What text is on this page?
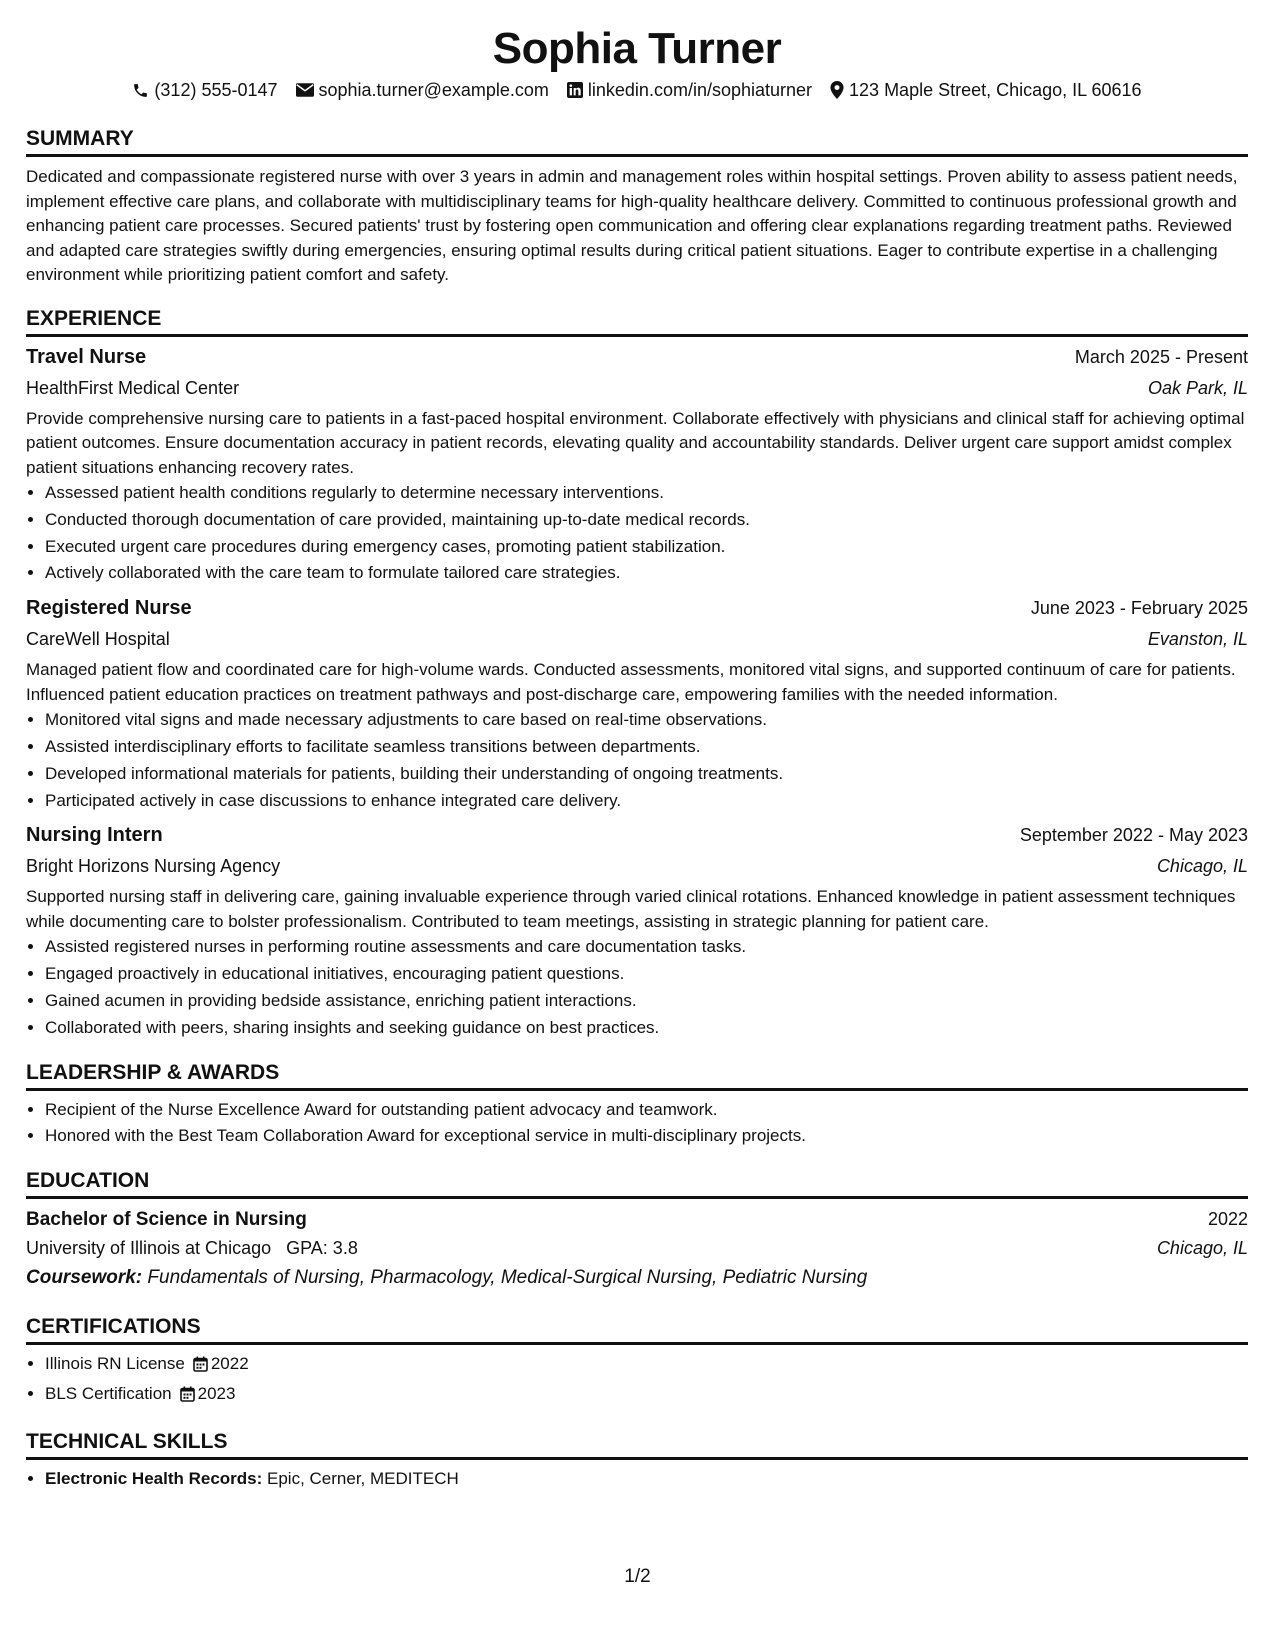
Sophia Turner
(312) 555-0147 sophia.turner@example.com linkedin.com/in/sophiaturner 123 Maple Street, Chicago, IL 60616
SUMMARY
Dedicated and compassionate registered nurse with over 3 years in admin and management roles within hospital settings. Proven ability to assess patient needs, implement effective care plans, and collaborate with multidisciplinary teams for high-quality healthcare delivery. Committed to continuous professional growth and enhancing patient care processes. Secured patients' trust by fostering open communication and offering clear explanations regarding treatment paths. Reviewed and adapted care strategies swiftly during emergencies, ensuring optimal results during critical patient situations. Eager to contribute expertise in a challenging environment while prioritizing patient comfort and safety.
EXPERIENCE
Travel Nurse	March 2025 - Present
HealthFirst Medical Center	Oak Park, IL
Provide comprehensive nursing care to patients in a fast-paced hospital environment. Collaborate effectively with physicians and clinical staff for achieving optimal patient outcomes. Ensure documentation accuracy in patient records, elevating quality and accountability standards. Deliver urgent care support amidst complex patient situations enhancing recovery rates.
• Assessed patient health conditions regularly to determine necessary interventions.
• Conducted thorough documentation of care provided, maintaining up-to-date medical records.
• Executed urgent care procedures during emergency cases, promoting patient stabilization.
• Actively collaborated with the care team to formulate tailored care strategies.
Registered Nurse	June 2023 - February 2025
CareWell Hospital	Evanston, IL
Managed patient flow and coordinated care for high-volume wards. Conducted assessments, monitored vital signs, and supported continuum of care for patients. Influenced patient education practices on treatment pathways and post-discharge care, empowering families with the needed information.
• Monitored vital signs and made necessary adjustments to care based on real-time observations.
• Assisted interdisciplinary efforts to facilitate seamless transitions between departments.
• Developed informational materials for patients, building their understanding of ongoing treatments.
• Participated actively in case discussions to enhance integrated care delivery.
Nursing Intern	September 2022 - May 2023
Bright Horizons Nursing Agency	Chicago, IL
Supported nursing staff in delivering care, gaining invaluable experience through varied clinical rotations. Enhanced knowledge in patient assessment techniques while documenting care to bolster professionalism. Contributed to team meetings, assisting in strategic planning for patient care.
• Assisted registered nurses in performing routine assessments and care documentation tasks.
• Engaged proactively in educational initiatives, encouraging patient questions.
• Gained acumen in providing bedside assistance, enriching patient interactions.
• Collaborated with peers, sharing insights and seeking guidance on best practices.
LEADERSHIP & AWARDS
• Recipient of the Nurse Excellence Award for outstanding patient advocacy and teamwork.
• Honored with the Best Team Collaboration Award for exceptional service in multi-disciplinary projects.
EDUCATION
Bachelor of Science in Nursing	2022
University of Illinois at Chicago GPA: 3.8	Chicago, IL
Coursework: Fundamentals of Nursing, Pharmacology, Medical-Surgical Nursing, Pediatric Nursing
CERTIFICATIONS
• Illinois RN License 2022
• BLS Certification 2023
TECHNICAL SKILLS
• Electronic Health Records: Epic, Cerner, MEDITECH
1/2
